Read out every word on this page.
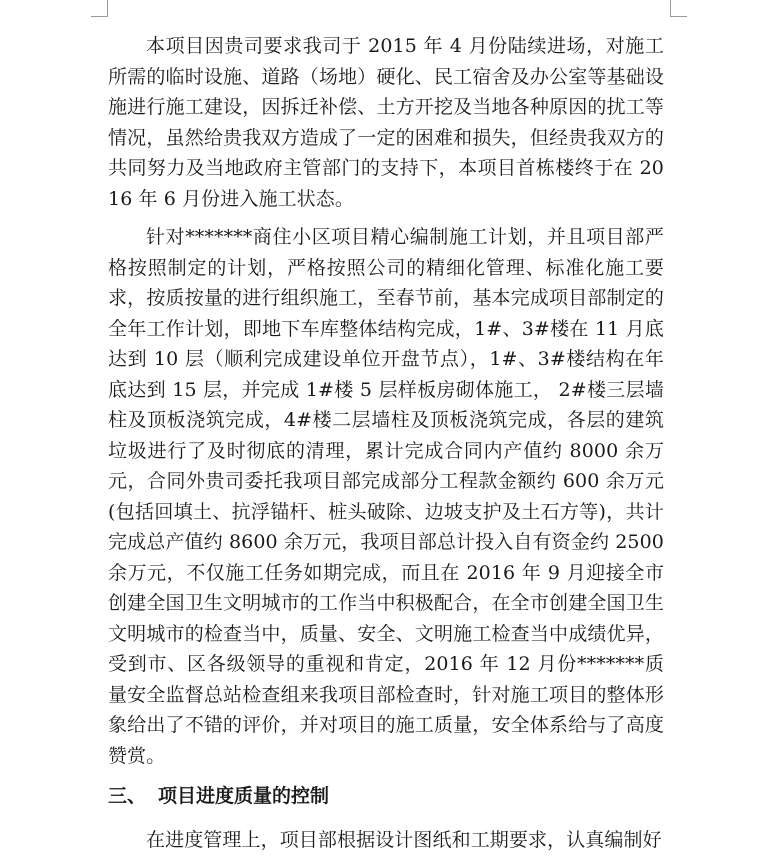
本项目因贵司要求我司于 2015 年 4 月份陆续进场，对施工所需的临时设施、道路（场地）硬化、民工宿舍及办公室等基础设施进行施工建设，因拆迁补偿、土方开挖及当地各种原因的扰工等情况，虽然给贵我双方造成了一定的困难和损失，但经贵我双方的共同努力及当地政府主管部门的支持下，本项目首栋楼终于在 2016 年 6 月份进入施工状态。

针对*******商住小区项目精心编制施工计划，并且项目部严格按照制定的计划，严格按照公司的精细化管理、标准化施工要求，按质按量的进行组织施工，至春节前，基本完成项目部制定的全年工作计划，即地下车库整体结构完成，1#、3#楼在 11 月底达到 10 层（顺利完成建设单位开盘节点），1#、3#楼结构在年底达到 15 层，并完成 1#楼 5 层样板房砌体施工， 2#楼三层墙柱及顶板浇筑完成，4#楼二层墙柱及顶板浇筑完成，各层的建筑垃圾进行了及时彻底的清理，累计完成合同内产值约 8000 余万元，合同外贵司委托我项目部完成部分工程款金额约 600 余万元(包括回填土、抗浮锚杆、桩头破除、边坡支护及土石方等)，共计完成总产值约 8600 余万元，我项目部总计投入自有资金约 2500 余万元，不仅施工任务如期完成，而且在 2016 年 9 月迎接全市创建全国卫生文明城市的工作当中积极配合，在全市创建全国卫生文明城市的检查当中，质量、安全、文明施工检查当中成绩优异，受到市、区各级领导的重视和肯定，2016 年 12 月份*******质量安全监督总站检查组来我项目部检查时，针对施工项目的整体形象给出了不错的评价，并对项目的施工质量，安全体系给与了高度赞赏。

三、 项目进度质量的控制

在进度管理上，项目部根据设计图纸和工期要求，认真编制好
